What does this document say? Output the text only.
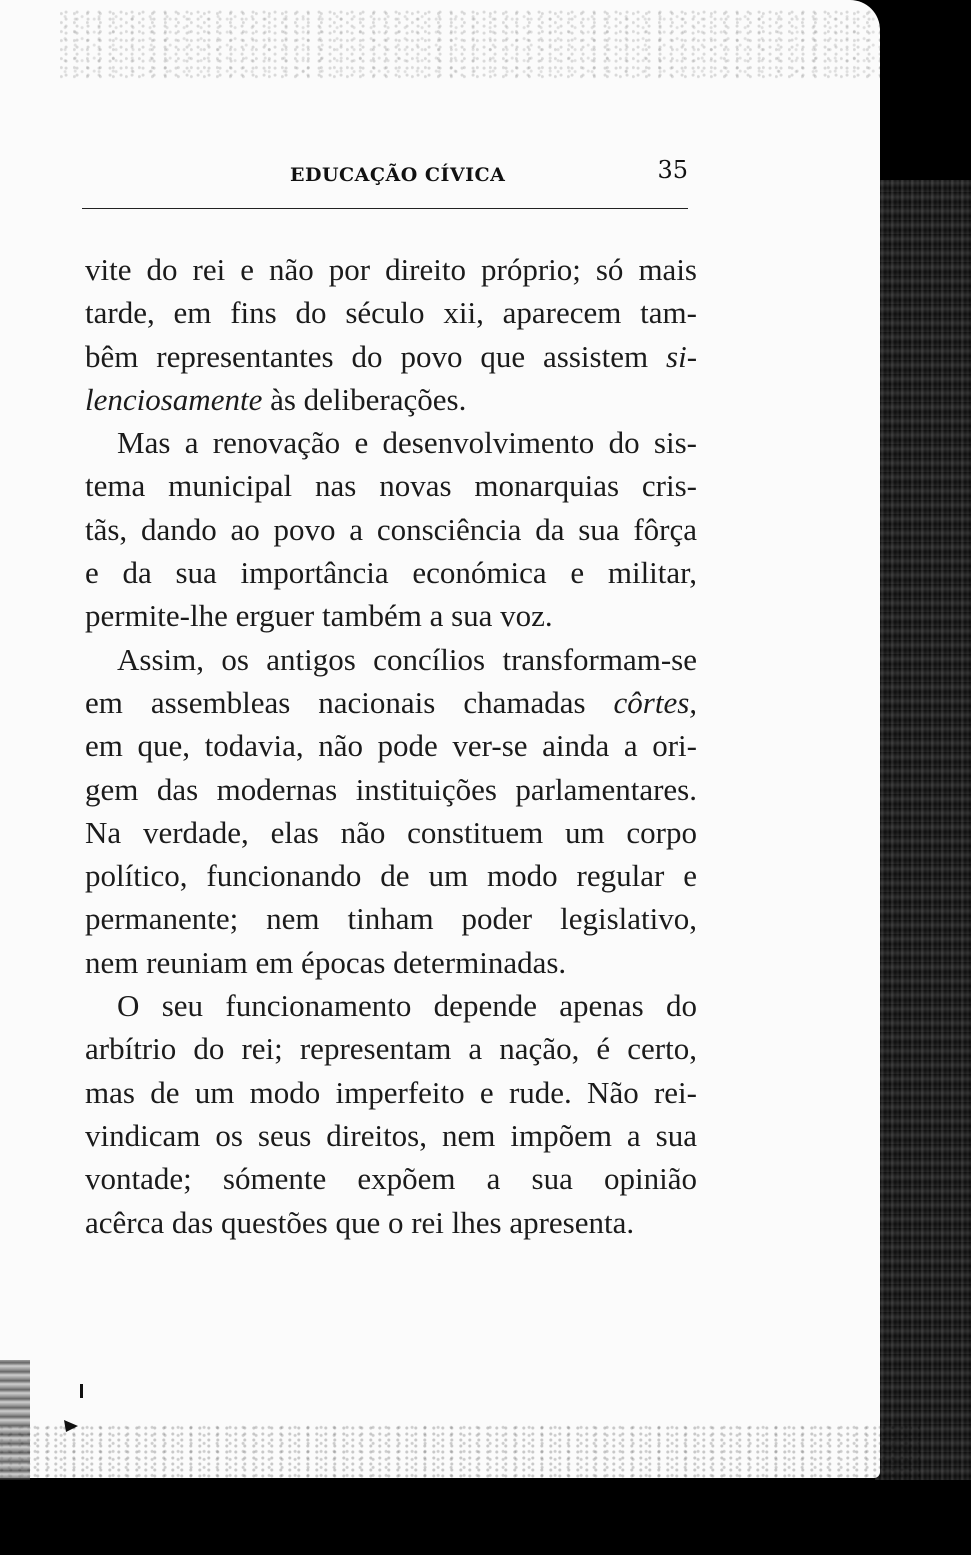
EDUCAÇÃO CÍVICA	35

vite do rei e não por direito próprio; só mais
tarde, em fins do século xii, aparecem tam-
bêm representantes do povo que assistem si-
lenciosamente às deliberações.

Mas a renovação e desenvolvimento do sis-
tema municipal nas novas monarquias cris-
tãs, dando ao povo a consciência da sua fôrça
e da sua importância económica e militar,
permite-lhe erguer também a sua voz.

Assim, os antigos concílios transformam-se
em assembleas nacionais chamadas côrtes,
em que, todavia, não pode ver-se ainda a ori-
gem das modernas instituições parlamentares.
Na verdade, elas não constituem um corpo
político, funcionando de um modo regular e
permanente; nem tinham poder legislativo,
nem reuniam em épocas determinadas.

O seu funcionamento depende apenas do
arbítrio do rei; representam a nação, é certo,
mas de um modo imperfeito e rude. Não rei-
vindicam os seus direitos, nem impõem a sua
vontade; sómente expõem a sua opinião
acêrca das questões que o rei lhes apresenta.
